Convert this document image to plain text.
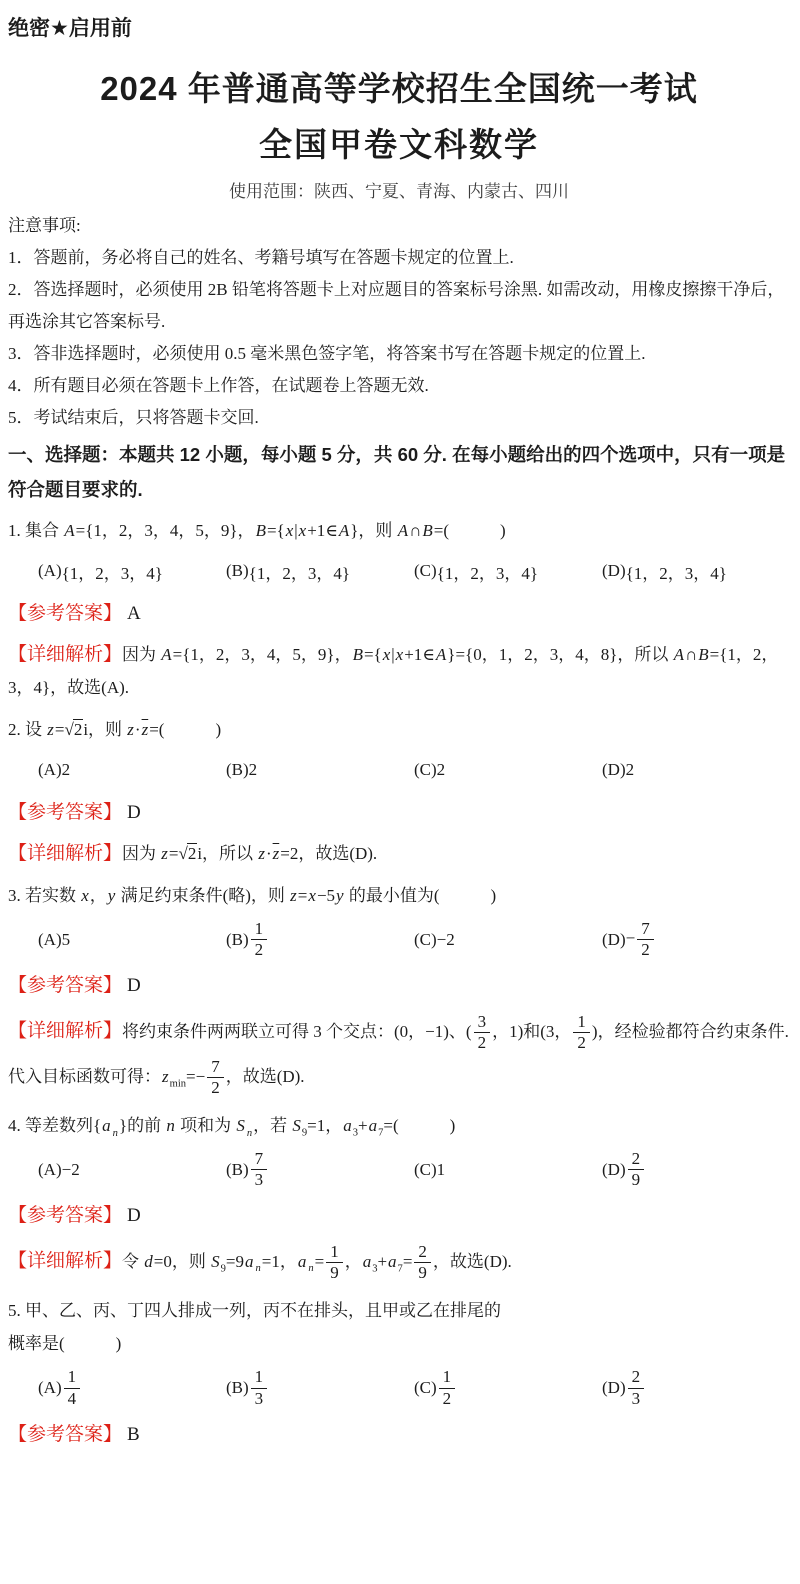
绝密★启用前
2024 年普通高等学校招生全国统一考试
全国甲卷文科数学
使用范围：陕西、宁夏、青海、内蒙古、四川
注意事项:
1．答题前，务必将自己的姓名、考籍号填写在答题卡规定的位置上.
2．答选择题时，必须使用 2B 铅笔将答题卡上对应题目的答案标号涂黑. 如需改动，用橡皮擦擦干净后，再选涂其它答案标号.
3．答非选择题时，必须使用 0.5 毫米黑色签字笔，将答案书写在答题卡规定的位置上.
4．所有题目必须在答题卡上作答，在试题卷上答题无效.
5．考试结束后，只将答题卡交回.
一、选择题：本题共 12 小题，每小题 5 分，共 60 分. 在每小题给出的四个选项中，只有一项是符合题目要求的.
1. 集合 A={1，2，3，4，5，9}，B={x|x+1∈A}，则 A∩B=(　　　)
(A) {1，2，3，4}	(B) {1，2，3，4}	(C) {1，2，3，4}	(D) {1，2，3，4}
【参考答案】 A
【详细解析】因为 A={1，2，3，4，5，9}，B={x|x+1∈A}={0，1，2，3，4，8}，所以 A∩B={1，2，3，4}，故选(A).
2. 设 z=√2i，则 $z\cdot\overline{z}=$(　　　)
(A) 2	(B) 2	(C) 2	(D) 2
【参考答案】 D
【详细解析】因为 z=√2i，所以 $z\cdot\overline{z}=2$，故选(D).
3. 若实数 x，y 满足约束条件(略)，则 z=x−5y 的最小值为(　　　)
(A) 5	$(B) \frac{1}{2}$	(C) −2	$(D) - \frac{7}{2}$
【参考答案】 D
【详细解析】将约束条件两两联立可得 3 个交点：(0，−1)、( $\frac{3}{2}$ ，1)和(3， $\frac{1}{2}$ )，经检验都符合约束条件. 代入目标函数可得：$z_{min}=- \frac{7}{2}$ ，故选(D).
4. 等差数列{a $_n$}的前 n 项和为 S $_n$，若 $S_9=1$，$a_3+a_7=$(　　　)
(A) −2	$(B) \frac{7}{3}$	(C) 1	$(D) \frac{2}{9}$
【参考答案】 D
【详细解析】令 d=0，则 $S_9=9a$ $_n$=1，a $_n= \frac{1}{9}$ ，$a_3+a_7= \frac{2}{9}$ ，故选(D).
5. 甲、乙、丙、丁四人排成一列，丙不在排头，且甲或乙在排尾的
概率是(　　　)
$(A) \frac{1}{4}$	$(B) \frac{1}{3}$	$(C) \frac{1}{2}$	$(D) \frac{2}{3}$
【参考答案】 B
